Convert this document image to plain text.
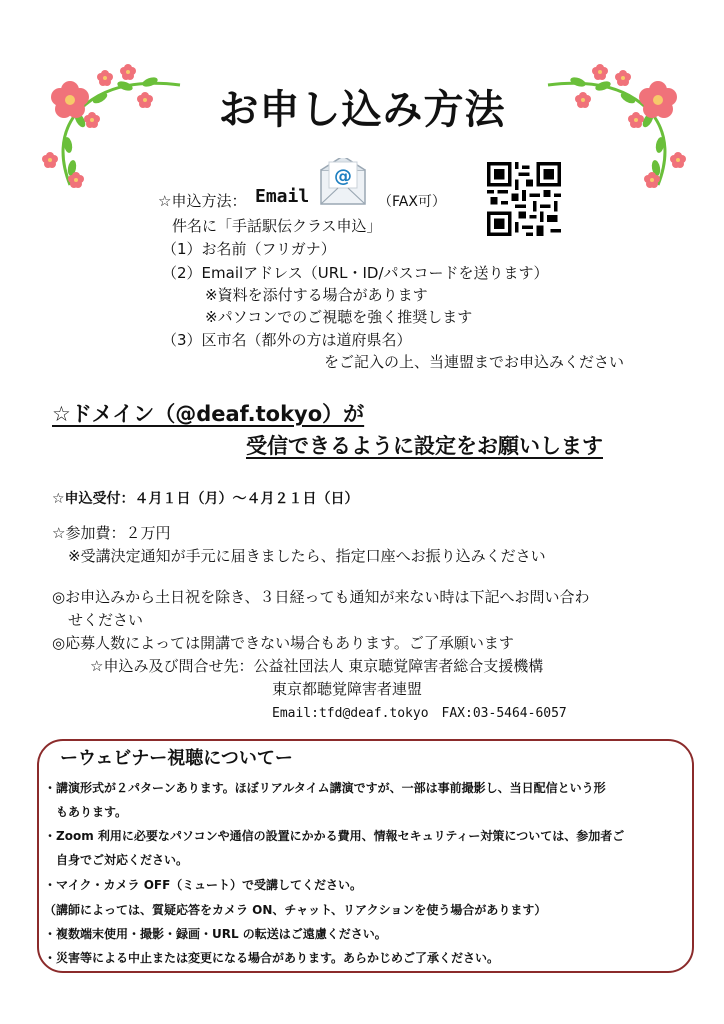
お申し込み方法
☆申込方法： Email
@
（FAX可）
件名に「手話駅伝クラス申込」
（1）お名前（フリガナ）
（2）Emailアドレス（URL・ID/パスコードを送ります）
※資料を添付する場合があります
※パソコンでのご視聴を強く推奨します
（3）区市名（都外の方は道府県名）
をご記入の上、当連盟までお申込みください
☆ドメイン（@deaf.tokyo）が
受信できるように設定をお願いします
☆申込受付：４月１日（月）～４月２１日（日）
☆参加費：２万円
※受講決定通知が手元に届きましたら、指定口座へお振り込みください
◎お申込みから土日祝を除き、３日経っても通知が来ない時は下記へお問い合わ
せください
◎応募人数によっては開講できない場合もあります。ご了承願います
☆申込み及び問合せ先：公益社団法人 東京聴覚障害者総合支援機構
東京都聴覚障害者連盟
Email:tfd@deaf.tokyo　FAX:03-5464-6057
ーウェビナー視聴についてー
・講演形式が２パターンあります。ほぼリアルタイム講演ですが、一部は事前撮影し、当日配信という形
　もあります。
・Zoom 利用に必要なパソコンや通信の設置にかかる費用、情報セキュリティー対策については、参加者ご
　自身でご対応ください。
・マイク・カメラ OFF（ミュート）で受講してください。
（講師によっては、質疑応答をカメラ ON、チャット、リアクションを使う場合があります）
・複数端末使用・撮影・録画・URL の転送はご遠慮ください。
・災害等による中止または変更になる場合があります。あらかじめご了承ください。
